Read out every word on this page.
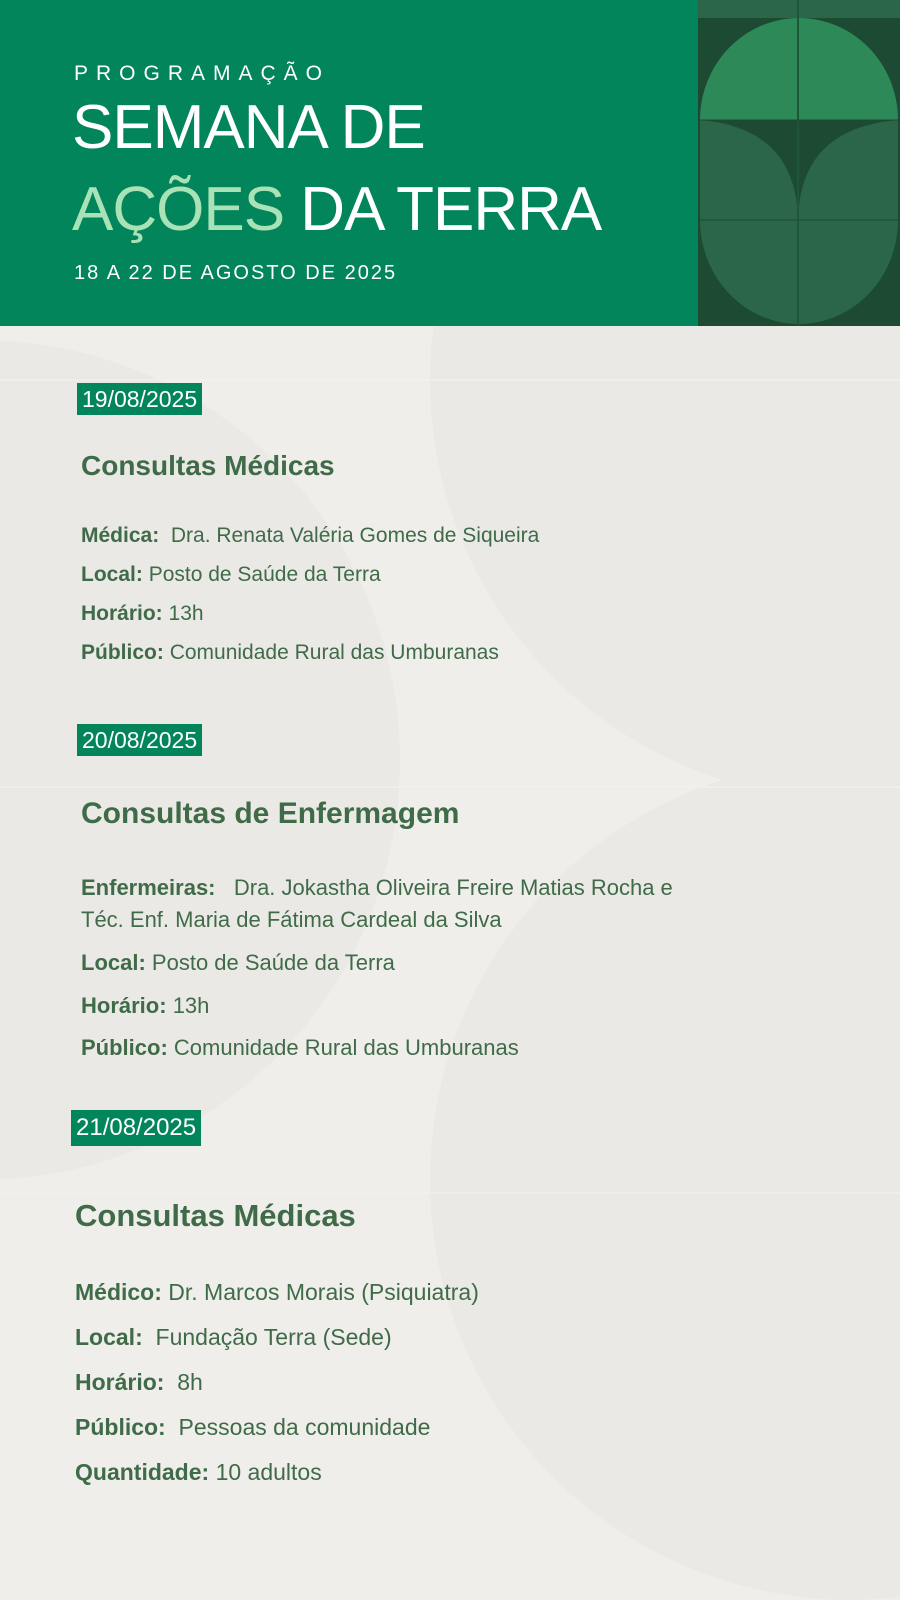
PROGRAMAÇÃO
SEMANA DE
AÇÕES DA TERRA
18 A 22 DE AGOSTO DE 2025
19/08/2025
Consultas Médicas
Médica: Dra. Renata Valéria Gomes de Siqueira
Local: Posto de Saúde da Terra
Horário: 13h
Público: Comunidade Rural das Umburanas
20/08/2025
Consultas de Enfermagem
Enfermeiras: Dra. Jokastha Oliveira Freire Matias Rocha e
Téc. Enf. Maria de Fátima Cardeal da Silva
Local: Posto de Saúde da Terra
Horário: 13h
Público: Comunidade Rural das Umburanas
21/08/2025
Consultas Médicas
Médico: Dr. Marcos Morais (Psiquiatra)
Local: Fundação Terra (Sede)
Horário: 8h
Público: Pessoas da comunidade
Quantidade: 10 adultos
